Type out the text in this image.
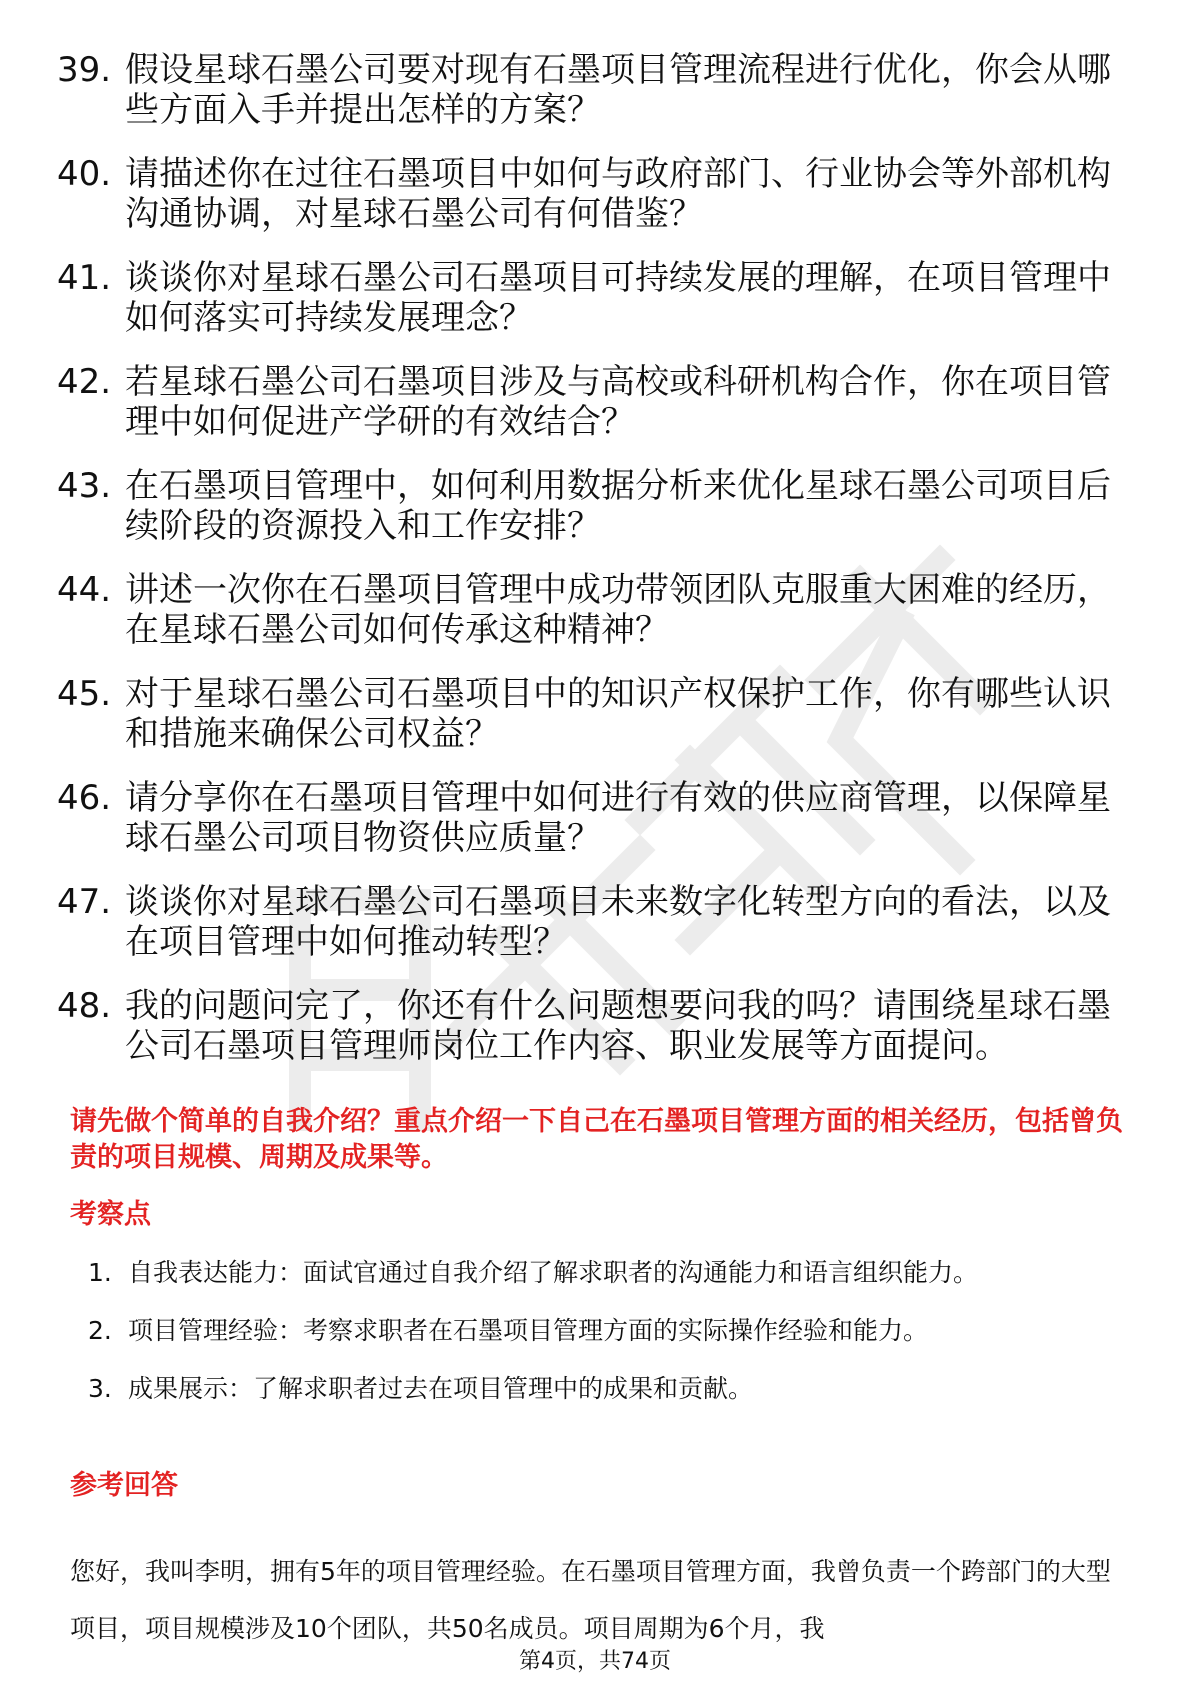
39. 假设星球石墨公司要对现有石墨项目管理流程进行优化，你会从哪些方面入手并提出怎样的方案？
40. 请描述你在过往石墨项目中如何与政府部门、行业协会等外部机构沟通协调，对星球石墨公司有何借鉴？
41. 谈谈你对星球石墨公司石墨项目可持续发展的理解，在项目管理中如何落实可持续发展理念？
42. 若星球石墨公司石墨项目涉及与高校或科研机构合作，你在项目管理中如何促进产学研的有效结合？
43. 在石墨项目管理中，如何利用数据分析来优化星球石墨公司项目后续阶段的资源投入和工作安排？
44. 讲述一次你在石墨项目管理中成功带领团队克服重大困难的经历，在星球石墨公司如何传承这种精神？
45. 对于星球石墨公司石墨项目中的知识产权保护工作，你有哪些认识和措施来确保公司权益？
46. 请分享你在石墨项目管理中如何进行有效的供应商管理，以保障星球石墨公司项目物资供应质量？
47. 谈谈你对星球石墨公司石墨项目未来数字化转型方向的看法，以及在项目管理中如何推动转型？
48. 我的问题问完了，你还有什么问题想要问我的吗？请围绕星球石墨公司石墨项目管理师岗位工作内容、职业发展等方面提问。
请先做个简单的自我介绍？重点介绍一下自己在石墨项目管理方面的相关经历，包括曾负责的项目规模、周期及成果等。
考察点
1. 自我表达能力：面试官通过自我介绍了解求职者的沟通能力和语言组织能力。
2. 项目管理经验：考察求职者在石墨项目管理方面的实际操作经验和能力。
3. 成果展示：了解求职者过去在项目管理中的成果和贡献。
参考回答
您好，我叫李明，拥有5年的项目管理经验。在石墨项目管理方面，我曾负责一个跨部门的大型项目，项目规模涉及10个团队，共50名成员。项目周期为6个月，我
第4页，共74页
